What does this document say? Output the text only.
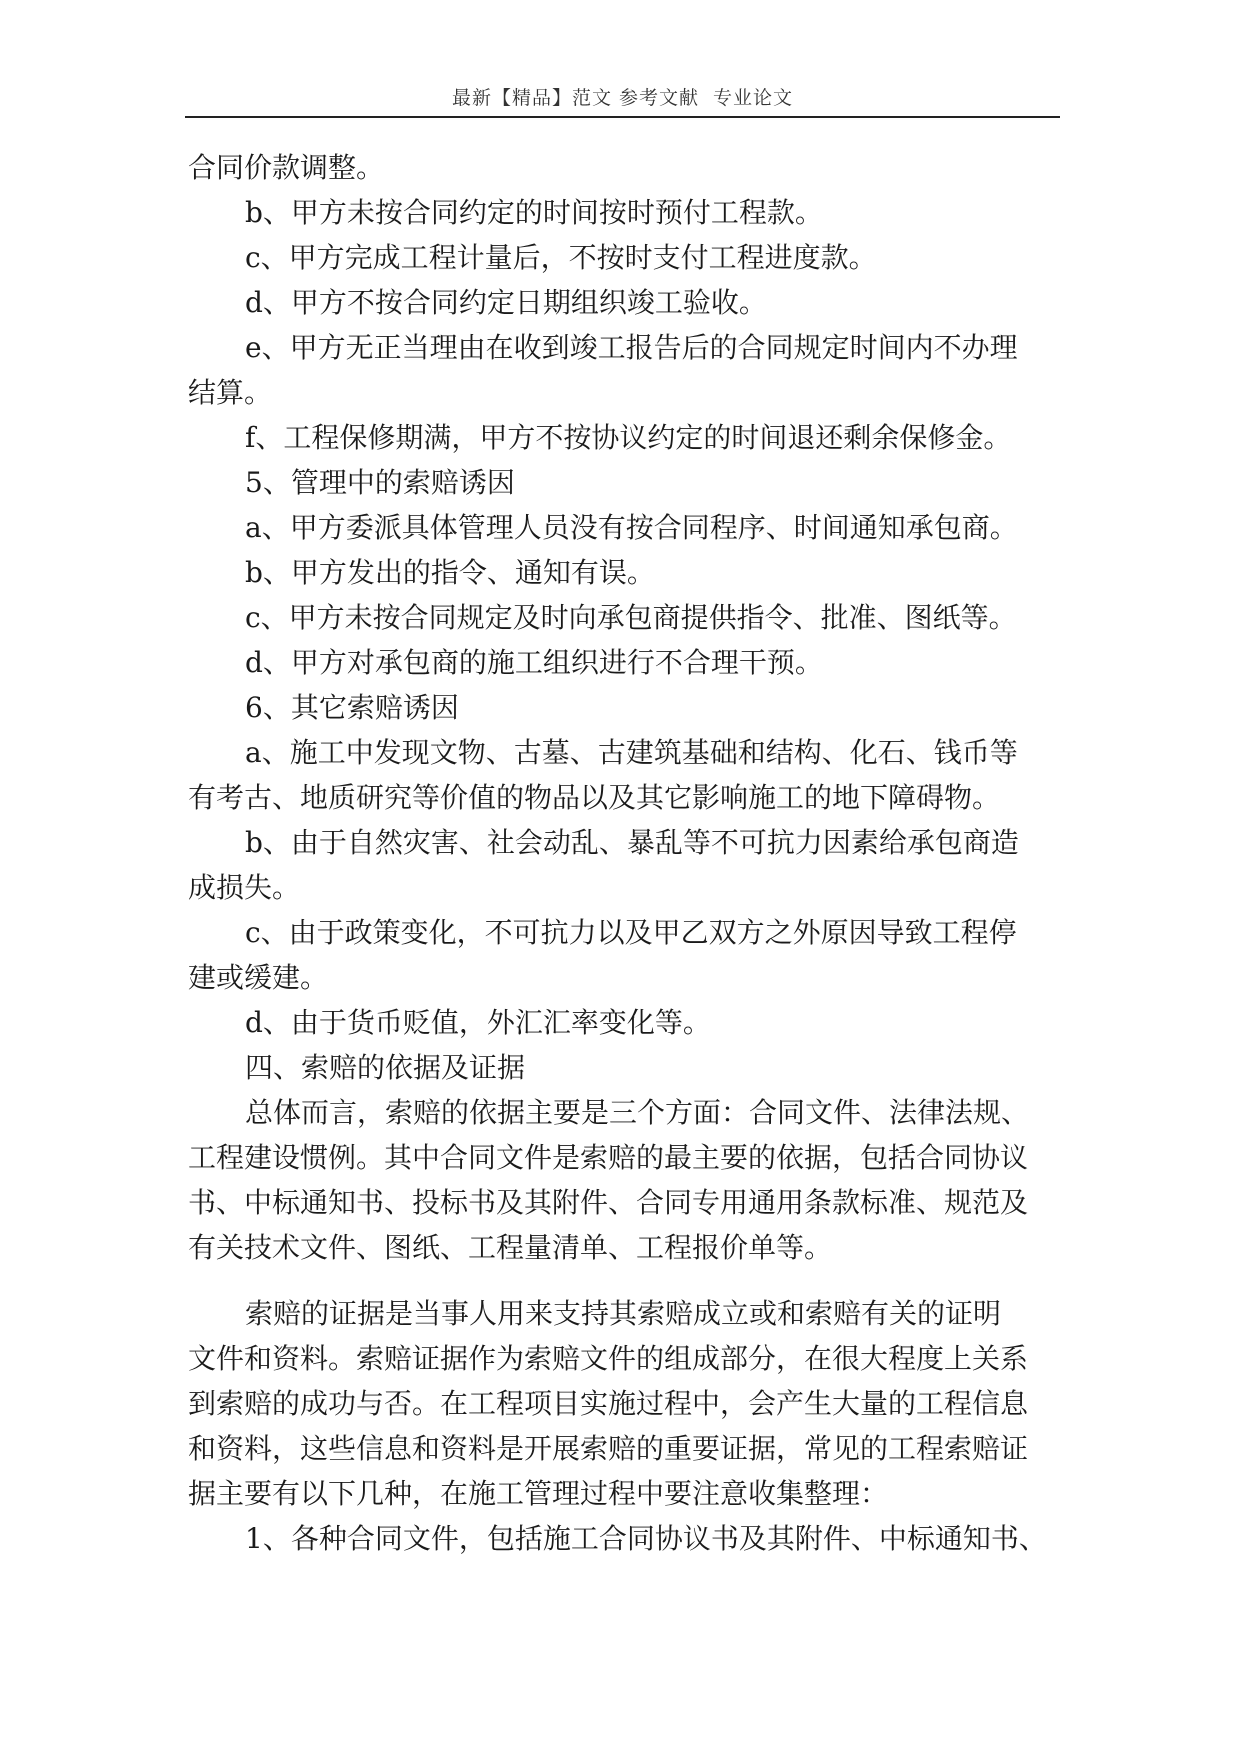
最新【精品】范文 参考文献  专业论文
合同价款调整。
b、甲方未按合同约定的时间按时预付工程款。
c、甲方完成工程计量后，不按时支付工程进度款。
d、甲方不按合同约定日期组织竣工验收。
e、甲方无正当理由在收到竣工报告后的合同规定时间内不办理
结算。
f、工程保修期满，甲方不按协议约定的时间退还剩余保修金。
5、管理中的索赔诱因
a、甲方委派具体管理人员没有按合同程序、时间通知承包商。
b、甲方发出的指令、通知有误。
c、甲方未按合同规定及时向承包商提供指令、批准、图纸等。
d、甲方对承包商的施工组织进行不合理干预。
6、其它索赔诱因
a、施工中发现文物、古墓、古建筑基础和结构、化石、钱币等
有考古、地质研究等价值的物品以及其它影响施工的地下障碍物。
b、由于自然灾害、社会动乱、暴乱等不可抗力因素给承包商造
成损失。
c、由于政策变化，不可抗力以及甲乙双方之外原因导致工程停
建或缓建。
d、由于货币贬值，外汇汇率变化等。
四、索赔的依据及证据
总体而言，索赔的依据主要是三个方面：合同文件、法律法规、
工程建设惯例。其中合同文件是索赔的最主要的依据，包括合同协议
书、中标通知书、投标书及其附件、合同专用通用条款标准、规范及
有关技术文件、图纸、工程量清单、工程报价单等。
索赔的证据是当事人用来支持其索赔成立或和索赔有关的证明
文件和资料。索赔证据作为索赔文件的组成部分，在很大程度上关系
到索赔的成功与否。在工程项目实施过程中，会产生大量的工程信息
和资料，这些信息和资料是开展索赔的重要证据，常见的工程索赔证
据主要有以下几种，在施工管理过程中要注意收集整理：
1、各种合同文件，包括施工合同协议书及其附件、中标通知书、
